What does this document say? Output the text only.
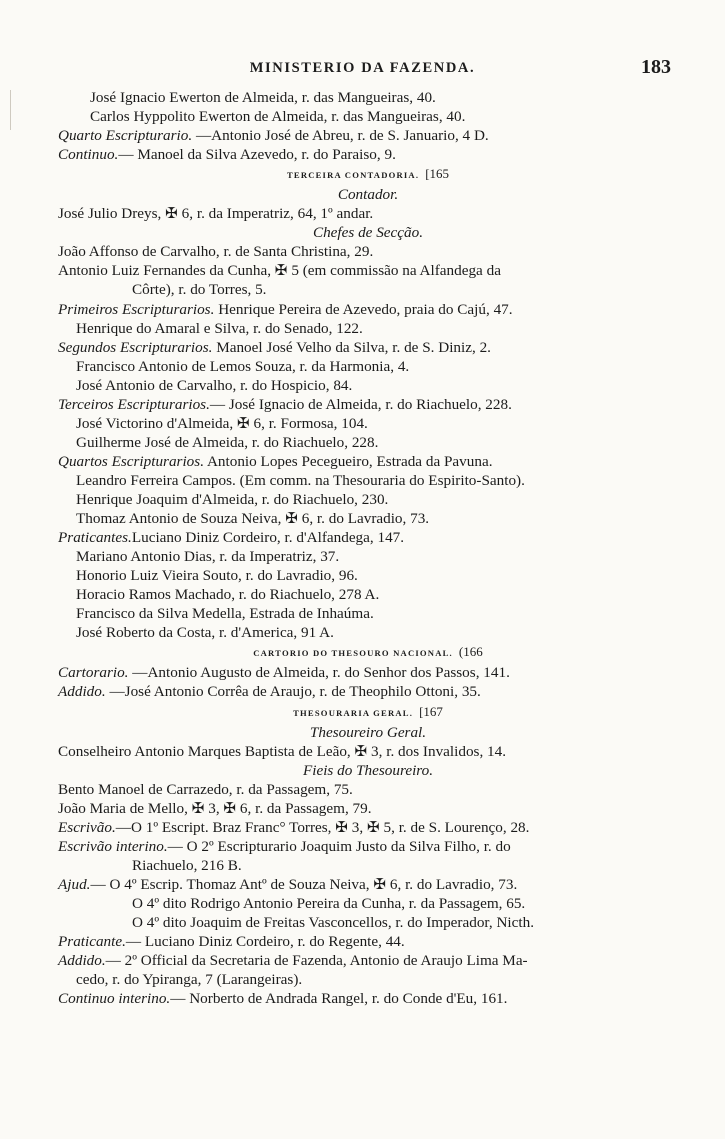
MINISTERIO DA FAZENDA.	183
José Ignacio Ewerton de Almeida, r. das Mangueiras, 40.
Carlos Hyppolito Ewerton de Almeida, r. das Mangueiras, 40.
Quarto Escripturario. —Antonio José de Abreu, r. de S. Januario, 4 D.
Continuo.— Manoel da Silva Azevedo, r. do Paraiso, 9.
TERCEIRA CONTADORIA. [165
Contador.
José Julio Dreys, ✠ 6, r. da Imperatriz, 64, 1º andar.
Chefes de Secção.
João Affonso de Carvalho, r. de Santa Christina, 29.
Antonio Luiz Fernandes da Cunha, ✠ 5 (em commissão na Alfandega da
Côrte), r. do Torres, 5.
Primeiros Escripturarios. Henrique Pereira de Azevedo, praia do Cajú, 47.
Henrique do Amaral e Silva, r. do Senado, 122.
Segundos Escripturarios. Manoel José Velho da Silva, r. de S. Diniz, 2.
Francisco Antonio de Lemos Souza, r. da Harmonia, 4.
José Antonio de Carvalho, r. do Hospicio, 84.
Terceiros Escripturarios.— José Ignacio de Almeida, r. do Riachuelo, 228.
José Victorino d'Almeida, ✠ 6, r. Formosa, 104.
Guilherme José de Almeida, r. do Riachuelo, 228.
Quartos Escripturarios. Antonio Lopes Pecegueiro, Estrada da Pavuna.
Leandro Ferreira Campos. (Em comm. na Thesouraria do Espirito-Santo).
Henrique Joaquim d'Almeida, r. do Riachuelo, 230.
Thomaz Antonio de Souza Neiva, ✠ 6, r. do Lavradio, 73.
Praticantes.Luciano Diniz Cordeiro, r. d'Alfandega, 147.
Mariano Antonio Dias, r. da Imperatriz, 37.
Honorio Luiz Vieira Souto, r. do Lavradio, 96.
Horacio Ramos Machado, r. do Riachuelo, 278 A.
Francisco da Silva Medella, Estrada de Inhaúma.
José Roberto da Costa, r. d'America, 91 A.
CARTORIO DO THESOURO NACIONAL. (166
Cartorario. —Antonio Augusto de Almeida, r. do Senhor dos Passos, 141.
Addido. —José Antonio Corrêa de Araujo, r. de Theophilo Ottoni, 35.
THESOURARIA GERAL. [167
Thesoureiro Geral.
Conselheiro Antonio Marques Baptista de Leão, ✠ 3, r. dos Invalidos, 14.
Fieis do Thesoureiro.
Bento Manoel de Carrazedo, r. da Passagem, 75.
João Maria de Mello, ✠ 3, ✠ 6, r. da Passagem, 79.
Escrivão.—O 1º Escript. Braz Franc° Torres, ✠ 3, ✠ 5, r. de S. Lourenço, 28.
Escrivão interino.— O 2º Escripturario Joaquim Justo da Silva Filho, r. do
Riachuelo, 216 B.
Ajud.— O 4º Escrip. Thomaz Antº de Souza Neiva, ✠ 6, r. do Lavradio, 73.
O 4º dito Rodrigo Antonio Pereira da Cunha, r. da Passagem, 65.
O 4º dito Joaquim de Freitas Vasconcellos, r. do Imperador, Nicth.
Praticante.— Luciano Diniz Cordeiro, r. do Regente, 44.
Addido.— 2º Official da Secretaria de Fazenda, Antonio de Araujo Lima Ma-
cedo, r. do Ypiranga, 7 (Larangeiras).
Continuo interino.— Norberto de Andrada Rangel, r. do Conde d'Eu, 161.
